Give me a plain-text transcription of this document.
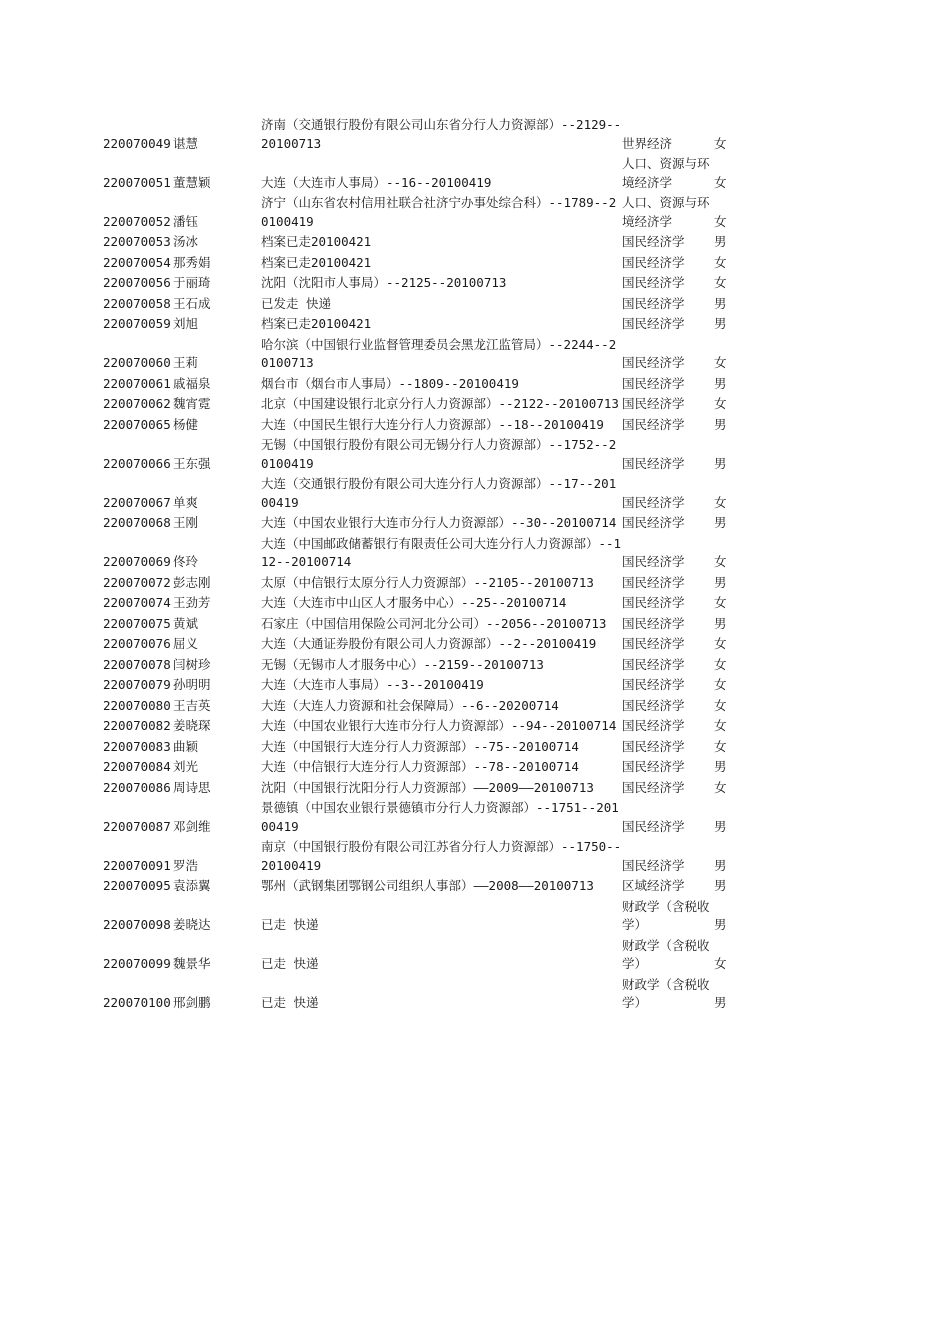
220070049	谌慧	济南（交通银行股份有限公司山东省分行人力资源部）--2129--20100713	世界经济	女

220070051	董慧颖	大连（大连市人事局）--16--20100419	人口、资源与环境经济学	女

220070052	潘钰	济宁（山东省农村信用社联合社济宁办事处综合科）--1789--20100419	人口、资源与环境经济学	女

220070053	汤冰	档案已走20100421	国民经济学	男

220070054	那秀娟	档案已走20100421	国民经济学	女

220070056	于丽琦	沈阳（沈阳市人事局）--2125--20100713	国民经济学	女

220070058	王石成	已发走 快递	国民经济学	男

220070059	刘旭	档案已走20100421	国民经济学	男

220070060	王莉	哈尔滨（中国银行业监督管理委员会黑龙江监管局）--2244--20100713	国民经济学	女

220070061	戚福泉	烟台市（烟台市人事局）--1809--20100419	国民经济学	男

220070062	魏宵霓	北京（中国建设银行北京分行人力资源部）--2122--20100713	国民经济学	女

220070065	杨健	大连（中国民生银行大连分行人力资源部）--18--20100419	国民经济学	男

220070066	王东强	无锡（中国银行股份有限公司无锡分行人力资源部）--1752--20100419	国民经济学	男

220070067	单爽	大连（交通银行股份有限公司大连分行人力资源部）--17--20100419	国民经济学	女

220070068	王刚	大连（中国农业银行大连市分行人力资源部）--30--20100714	国民经济学	男

220070069	佟玲	大连（中国邮政储蓄银行有限责任公司大连分行人力资源部）--112--20100714	国民经济学	女

220070072	彭志刚	太原（中信银行太原分行人力资源部）--2105--20100713	国民经济学	男

220070074	王劲芳	大连（大连市中山区人才服务中心）--25--20100714	国民经济学	女

220070075	黄斌	石家庄（中国信用保险公司河北分公司）--2056--20100713	国民经济学	男

220070076	屈义	大连（大通证券股份有限公司人力资源部）--2--20100419	国民经济学	女

220070078	闫树珍	无锡（无锡市人才服务中心）--2159--20100713	国民经济学	女

220070079	孙明明	大连（大连市人事局）--3--20100419	国民经济学	女

220070080	王吉英	大连（大连人力资源和社会保障局）--6--20200714	国民经济学	女

220070082	姜晓琛	大连（中国农业银行大连市分行人力资源部）--94--20100714	国民经济学	女

220070083	曲颖	大连（中国银行大连分行人力资源部）--75--20100714	国民经济学	女

220070084	刘光	大连（中信银行大连分行人力资源部）--78--20100714	国民经济学	男

220070086	周诗思	沈阳（中国银行沈阳分行人力资源部）——2009——20100713	国民经济学	女

220070087	邓剑维	景德镇（中国农业银行景德镇市分行人力资源部）--1751--20100419	国民经济学	男

220070091	罗浩	南京（中国银行股份有限公司江苏省分行人力资源部）--1750--20100419	国民经济学	男

220070095	袁添翼	鄂州（武钢集团鄂钢公司组织人事部）——2008——20100713	区域经济学	男

220070098	姜晓达	已走 快递	财政学（含税收学）	男

220070099	魏景华	已走 快递	财政学（含税收学）	女

220070100	邢剑鹏	已走 快递	财政学（含税收学）	男
